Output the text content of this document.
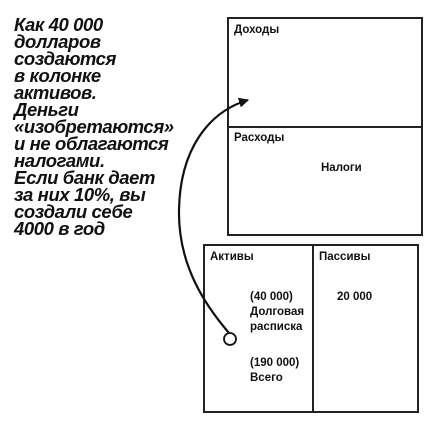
Как 40 000
долларов
создаются
в колонке
активов.
Деньги
«изобретаются»
и не облагаются
налогами.
Если банк дает
за них 10%, вы
создали себе
4000 в год
Доходы
Расходы
Налоги
Активы	Пассивы
(40 000)
Долговая
расписка
(190 000)
Всего
20 000
